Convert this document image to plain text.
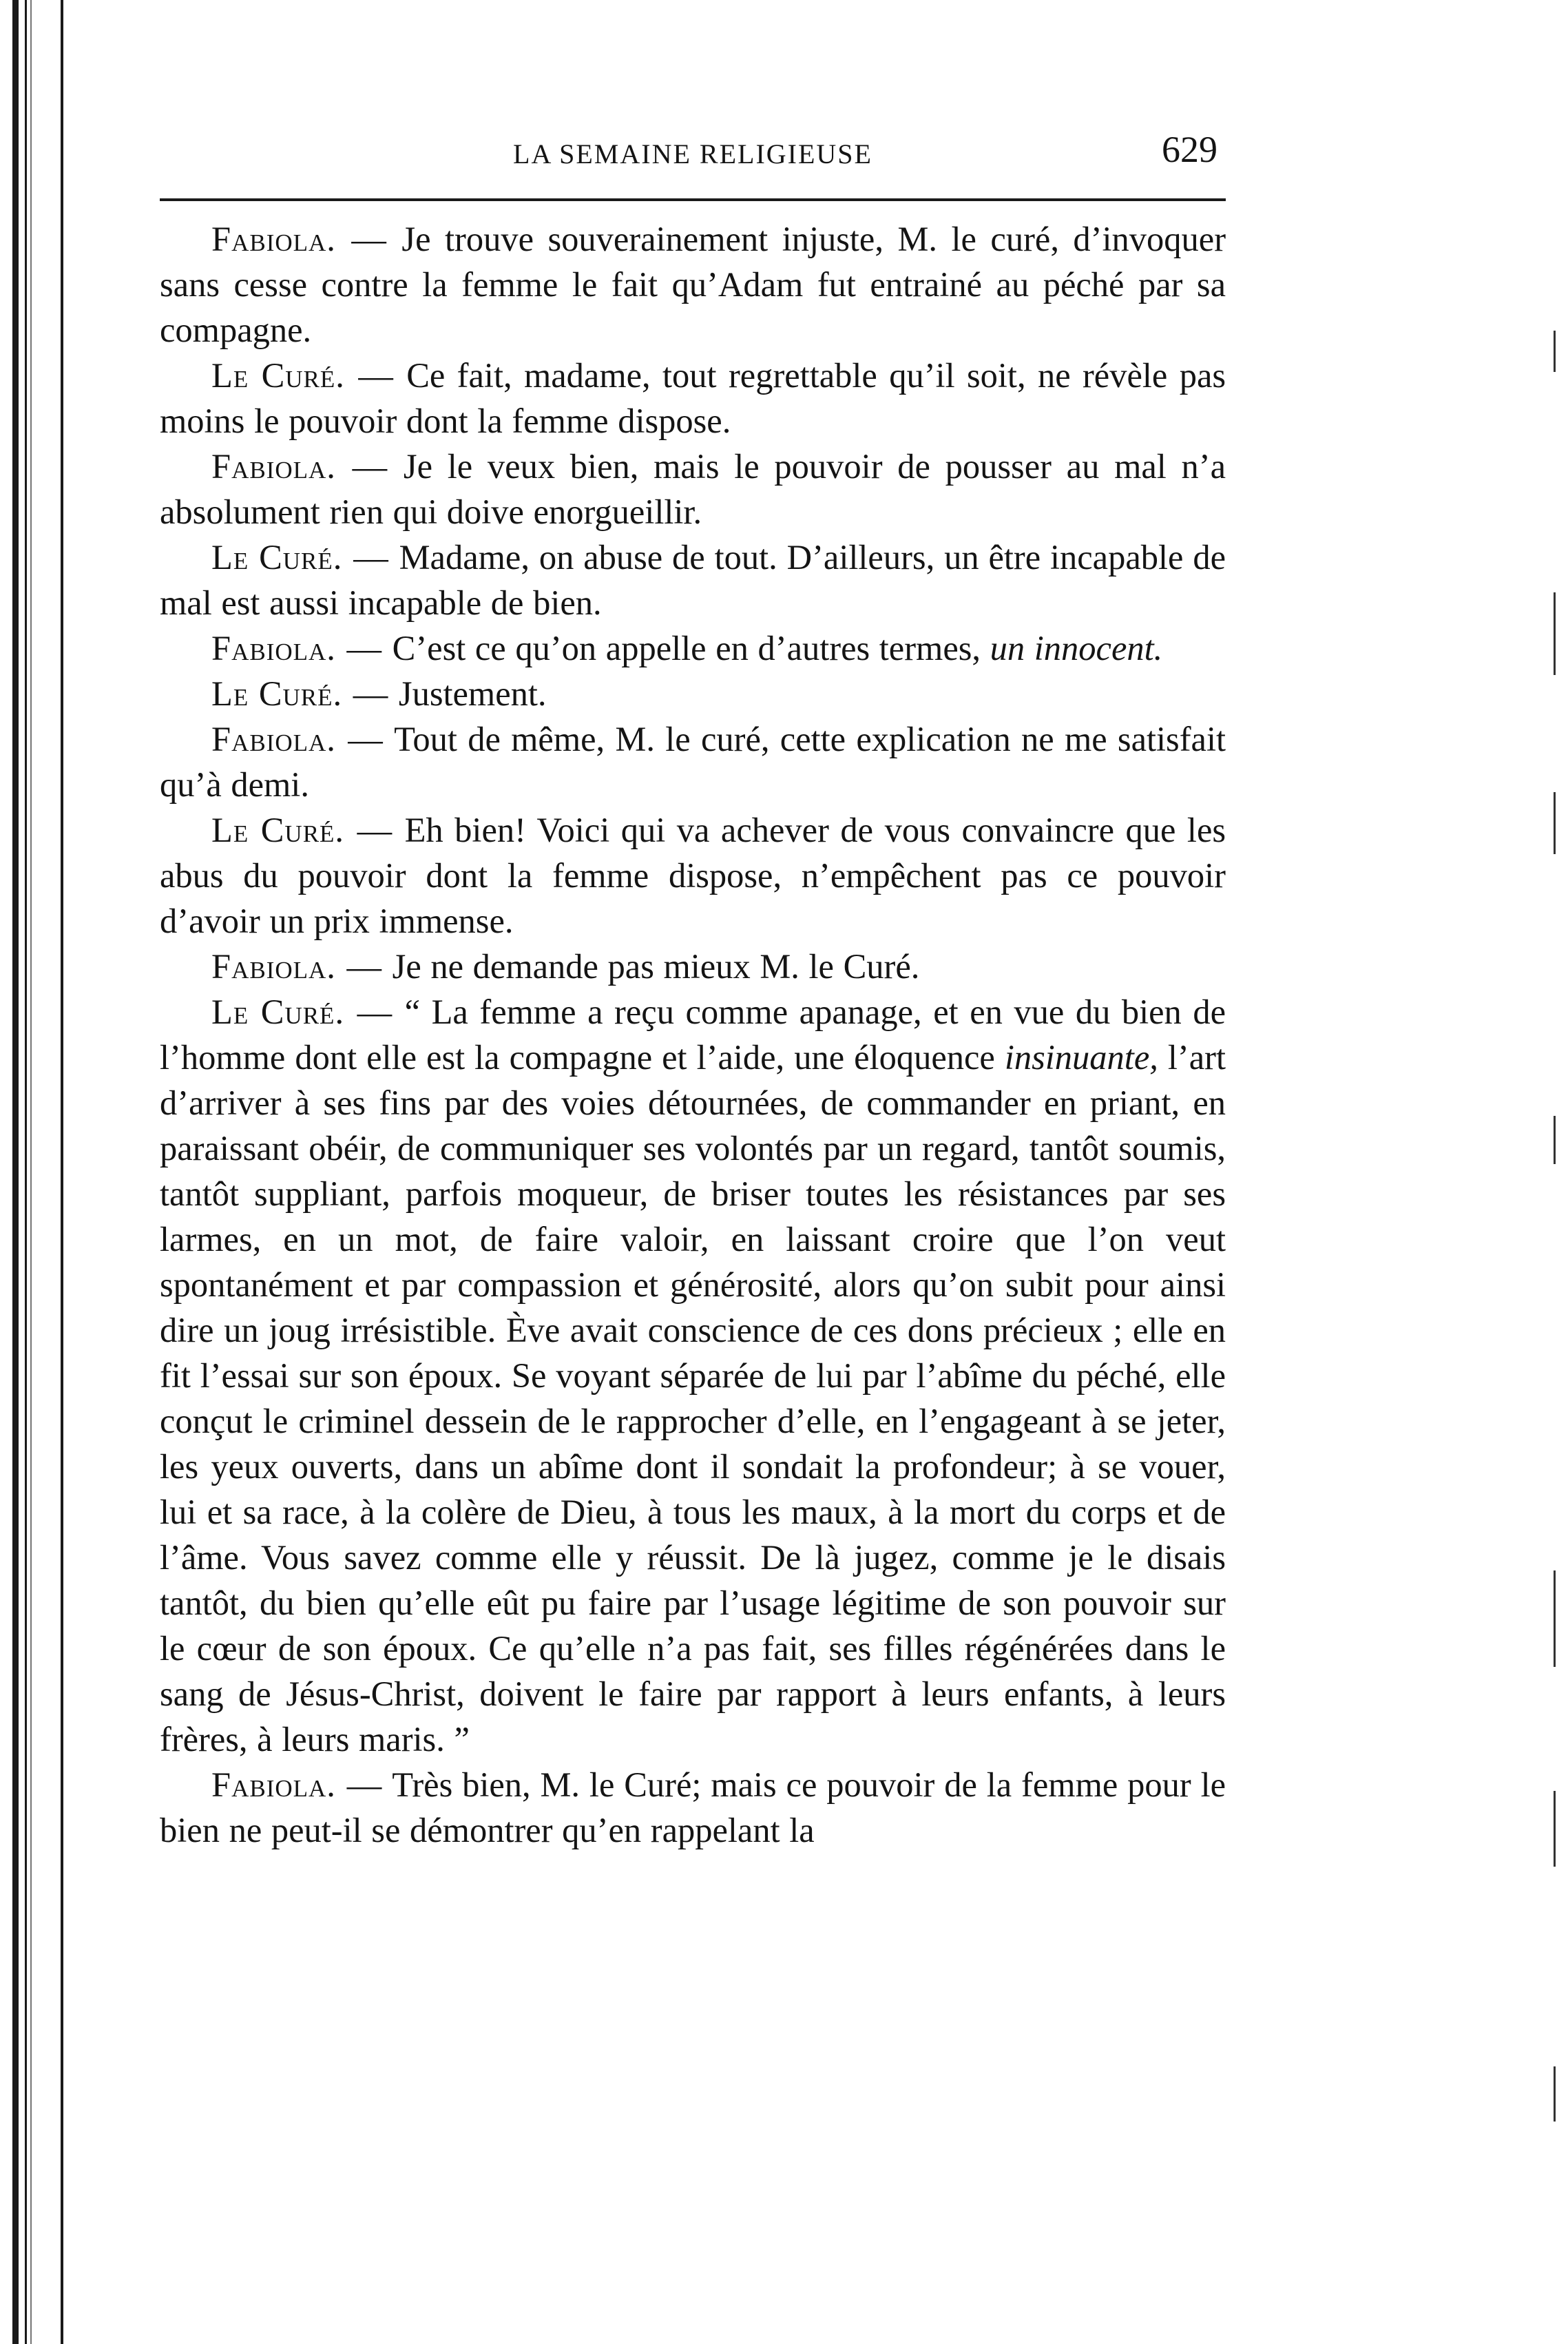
LA SEMAINE RELIGIEUSE	629

Fabiola. — Je trouve souverainement injuste, M. le curé, d’invoquer sans cesse contre la femme le fait qu’Adam fut entrainé au péché par sa compagne.

Le Curé. — Ce fait, madame, tout regrettable qu’il soit, ne révèle pas moins le pouvoir dont la femme dispose.

Fabiola. — Je le veux bien, mais le pouvoir de pousser au mal n’a absolument rien qui doive enorgueillir.

Le Curé. — Madame, on abuse de tout. D’ailleurs, un être incapable de mal est aussi incapable de bien.

Fabiola. — C’est ce qu’on appelle en d’autres termes, un innocent.

Le Curé. — Justement.

Fabiola. — Tout de même, M. le curé, cette explication ne me satisfait qu’à demi.

Le Curé. — Eh bien! Voici qui va achever de vous convaincre que les abus du pouvoir dont la femme dispose, n’empêchent pas ce pouvoir d’avoir un prix immense.

Fabiola. — Je ne demande pas mieux M. le Curé.

Le Curé. — “ La femme a reçu comme apanage, et en vue du bien de l’homme dont elle est la compagne et l’aide, une éloquence insinuante, l’art d’arriver à ses fins par des voies détournées, de commander en priant, en paraissant obéir, de communiquer ses volontés par un regard, tantôt soumis, tantôt suppliant, parfois moqueur, de briser toutes les résistances par ses larmes, en un mot, de faire valoir, en laissant croire que l’on veut spontanément et par compassion et générosité, alors qu’on subit pour ainsi dire un joug irrésistible. Ève avait conscience de ces dons précieux ; elle en fit l’essai sur son époux. Se voyant séparée de lui par l’abîme du péché, elle conçut le criminel dessein de le rapprocher d’elle, en l’engageant à se jeter, les yeux ouverts, dans un abîme dont il sondait la profondeur; à se vouer, lui et sa race, à la colère de Dieu, à tous les maux, à la mort du corps et de l’âme. Vous savez comme elle y réussit. De là jugez, comme je le disais tantôt, du bien qu’elle eût pu faire par l’usage légitime de son pouvoir sur le cœur de son époux. Ce qu’elle n’a pas fait, ses filles régénérées dans le sang de Jésus-Christ, doivent le faire par rapport à leurs enfants, à leurs frères, à leurs maris. ”

Fabiola. — Très bien, M. le Curé; mais ce pouvoir de la femme pour le bien ne peut-il se démontrer qu’en rappelant la
